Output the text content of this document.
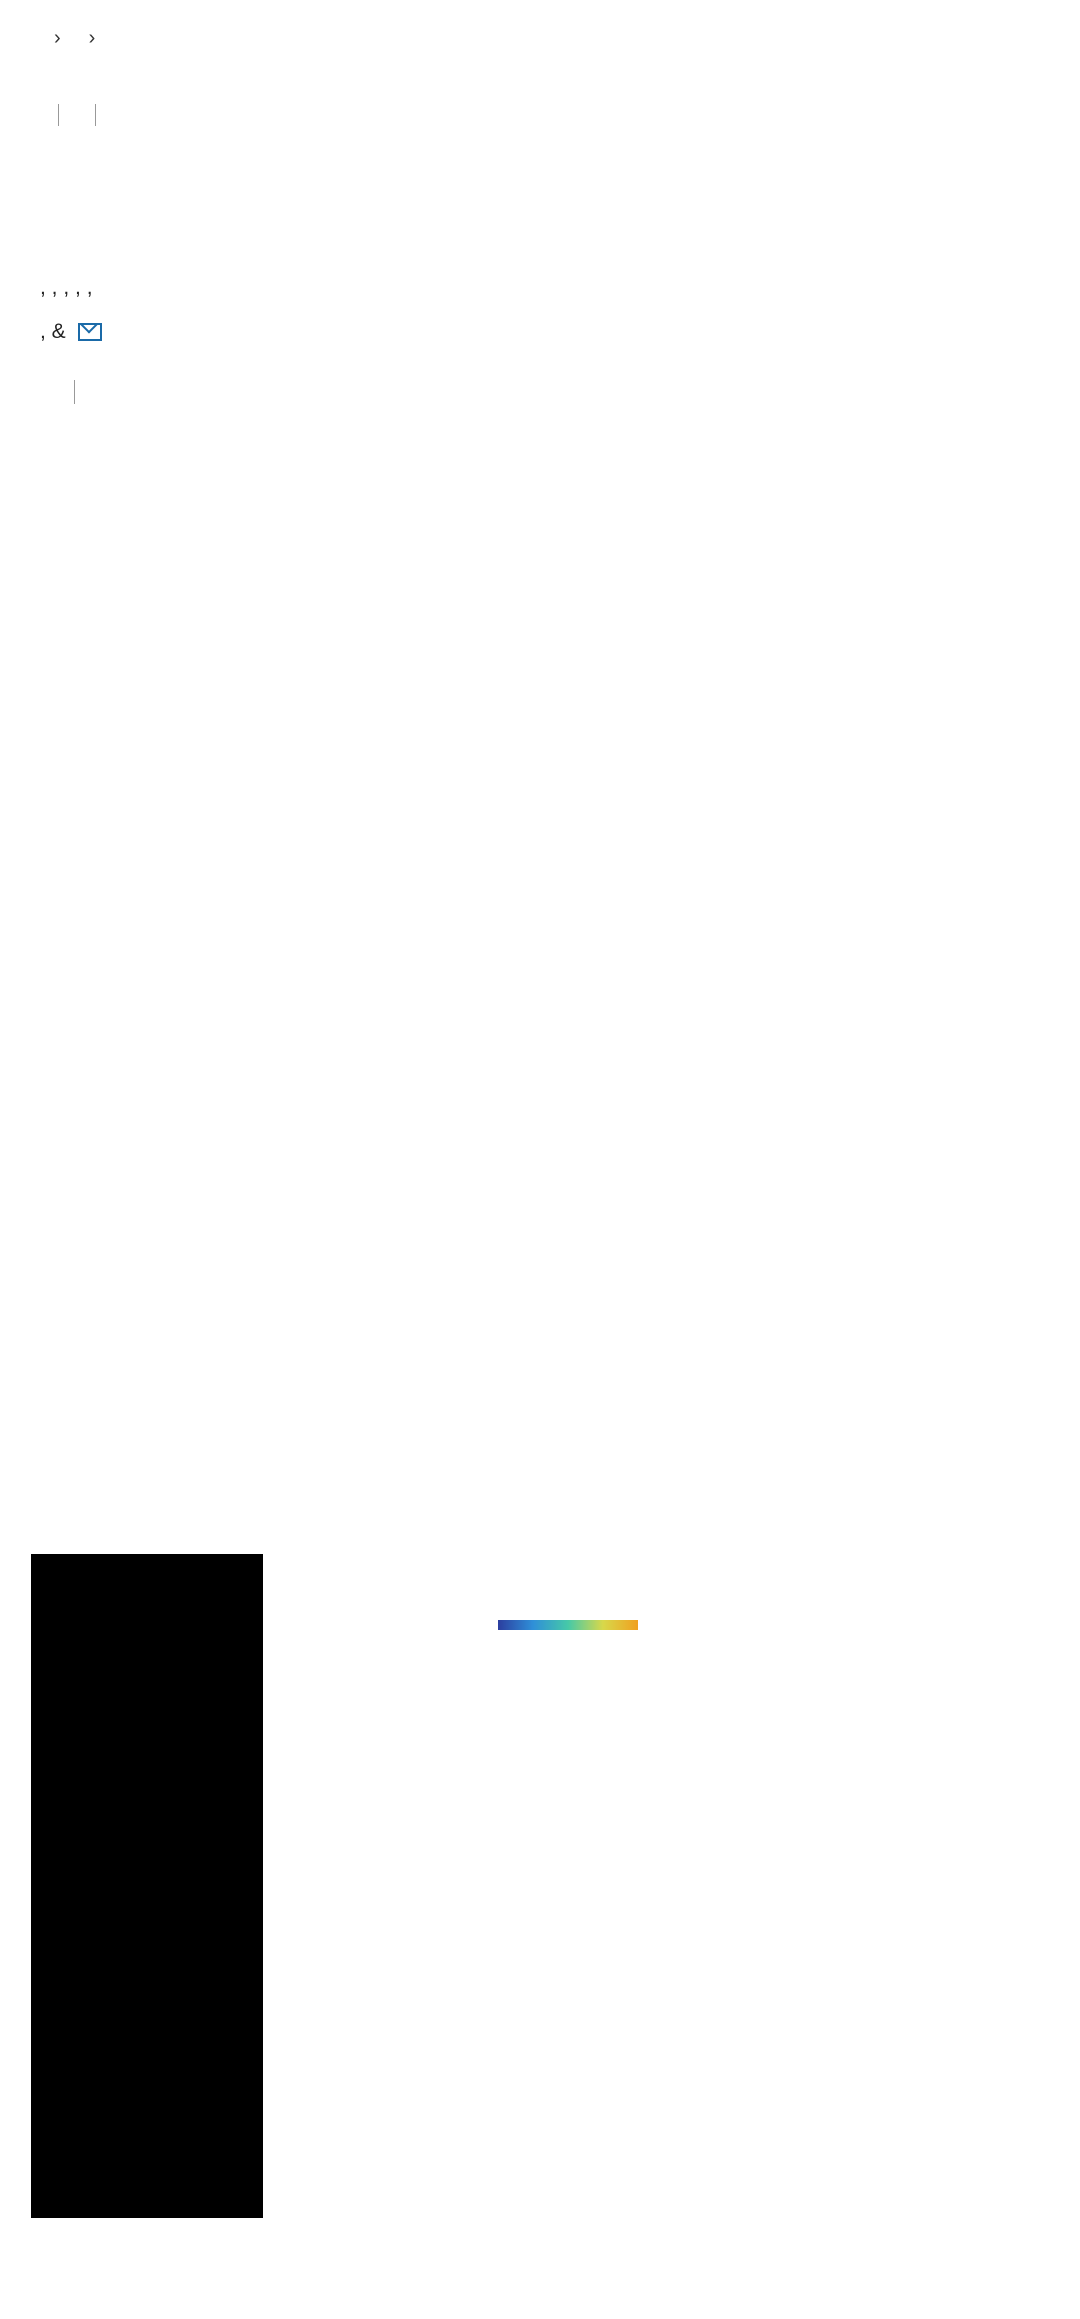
› ›
, , , , ,
, &
